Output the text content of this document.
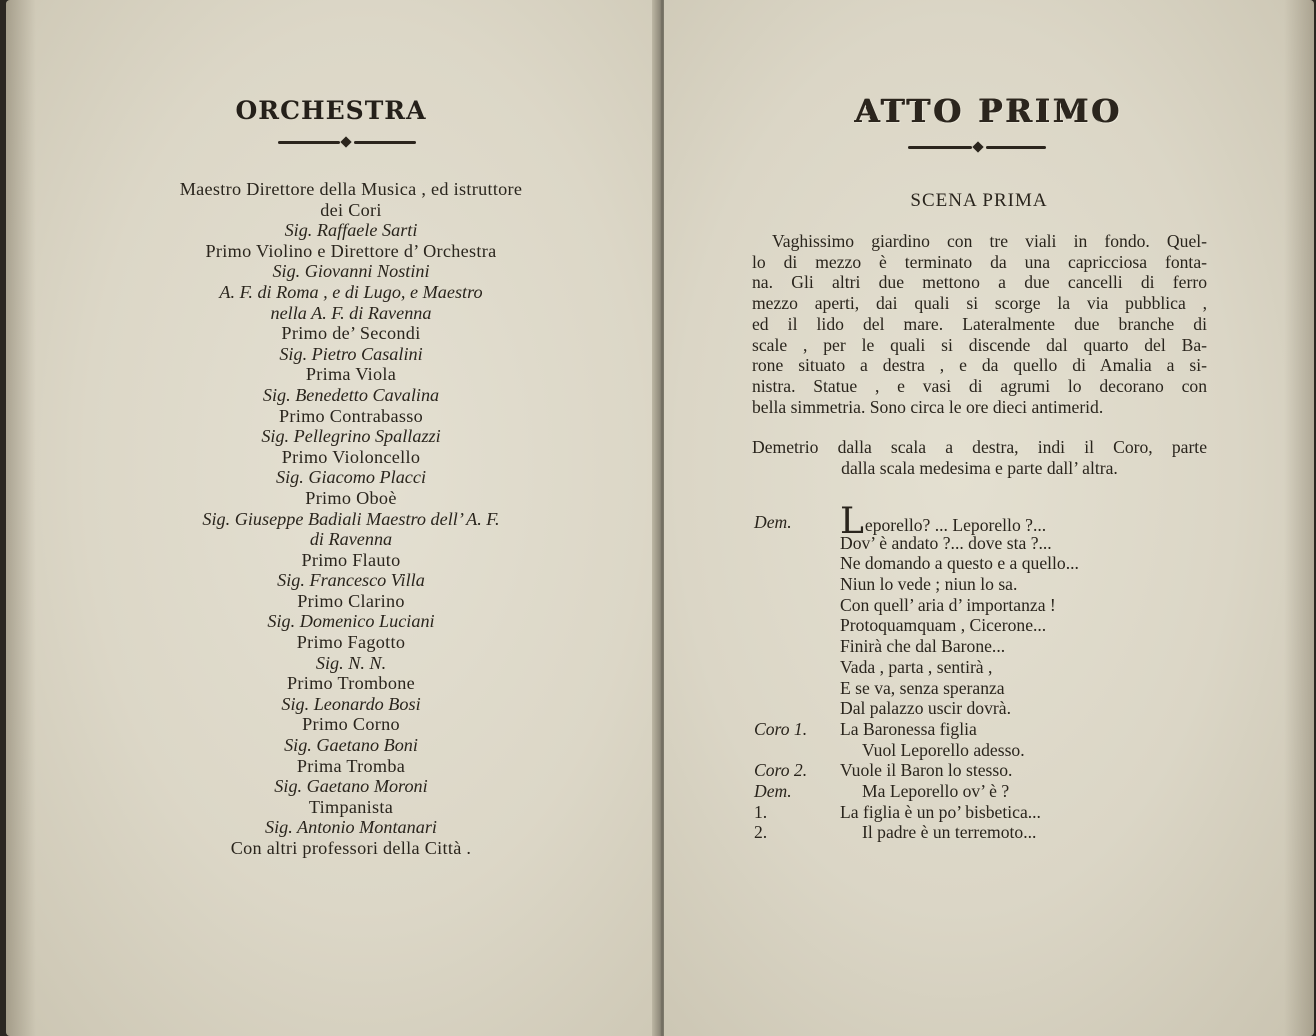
ORCHESTRA
Maestro Direttore della Musica , ed istruttore
dei Cori
Sig. Raffaele Sarti
Primo Violino e Direttore d’ Orchestra
Sig. Giovanni Nostini
A. F. di Roma , e di Lugo, e Maestro
nella A. F. di Ravenna
Primo de’ Secondi
Sig. Pietro Casalini
Prima Viola
Sig. Benedetto Cavalina
Primo Contrabasso
Sig. Pellegrino Spallazzi
Primo Violoncello
Sig. Giacomo Placci
Primo Oboè
Sig. Giuseppe Badiali Maestro dell’ A. F.
di Ravenna
Primo Flauto
Sig. Francesco Villa
Primo Clarino
Sig. Domenico Luciani
Primo Fagotto
Sig. N. N.
Primo Trombone
Sig. Leonardo Bosi
Primo Corno
Sig. Gaetano Boni
Prima Tromba
Sig. Gaetano Moroni
Timpanista
Sig. Antonio Montanari
Con altri professori della Città .
ATTO PRIMO
SCENA PRIMA
Vaghissimo giardino con tre viali in fondo. Quel-
lo di mezzo è terminato da una capricciosa fonta-
na. Gli altri due mettono a due cancelli di ferro
mezzo aperti, dai quali si scorge la via pubblica ,
ed il lido del mare. Lateralmente due branche di
scale , per le quali si discende dal quarto del Ba-
rone situato a destra , e da quello di Amalia a si-
nistra. Statue , e vasi di agrumi lo decorano con
bella simmetria. Sono circa le ore dieci antimerid.
Demetrio dalla scala a destra, indi il Coro, parte
dalla scala medesima e parte dall’ altra.
Dem. Leporello? ... Leporello ?...
Dov’ è andato ?... dove sta ?...
Ne domando a questo e a quello...
Niun lo vede ; niun lo sa.
Con quell’ aria d’ importanza !
Protoquamquam , Cicerone...
Finirà che dal Barone...
Vada , parta , sentirà ,
E se va, senza speranza
Dal palazzo uscir dovrà.
Coro 1. La Baronessa figlia
Vuol Leporello adesso.
Coro 2. Vuole il Baron lo stesso.
Dem.	Ma Leporello ov’ è ?
1.	La figlia è un po’ bisbetica...
2.	Il padre è un terremoto...
